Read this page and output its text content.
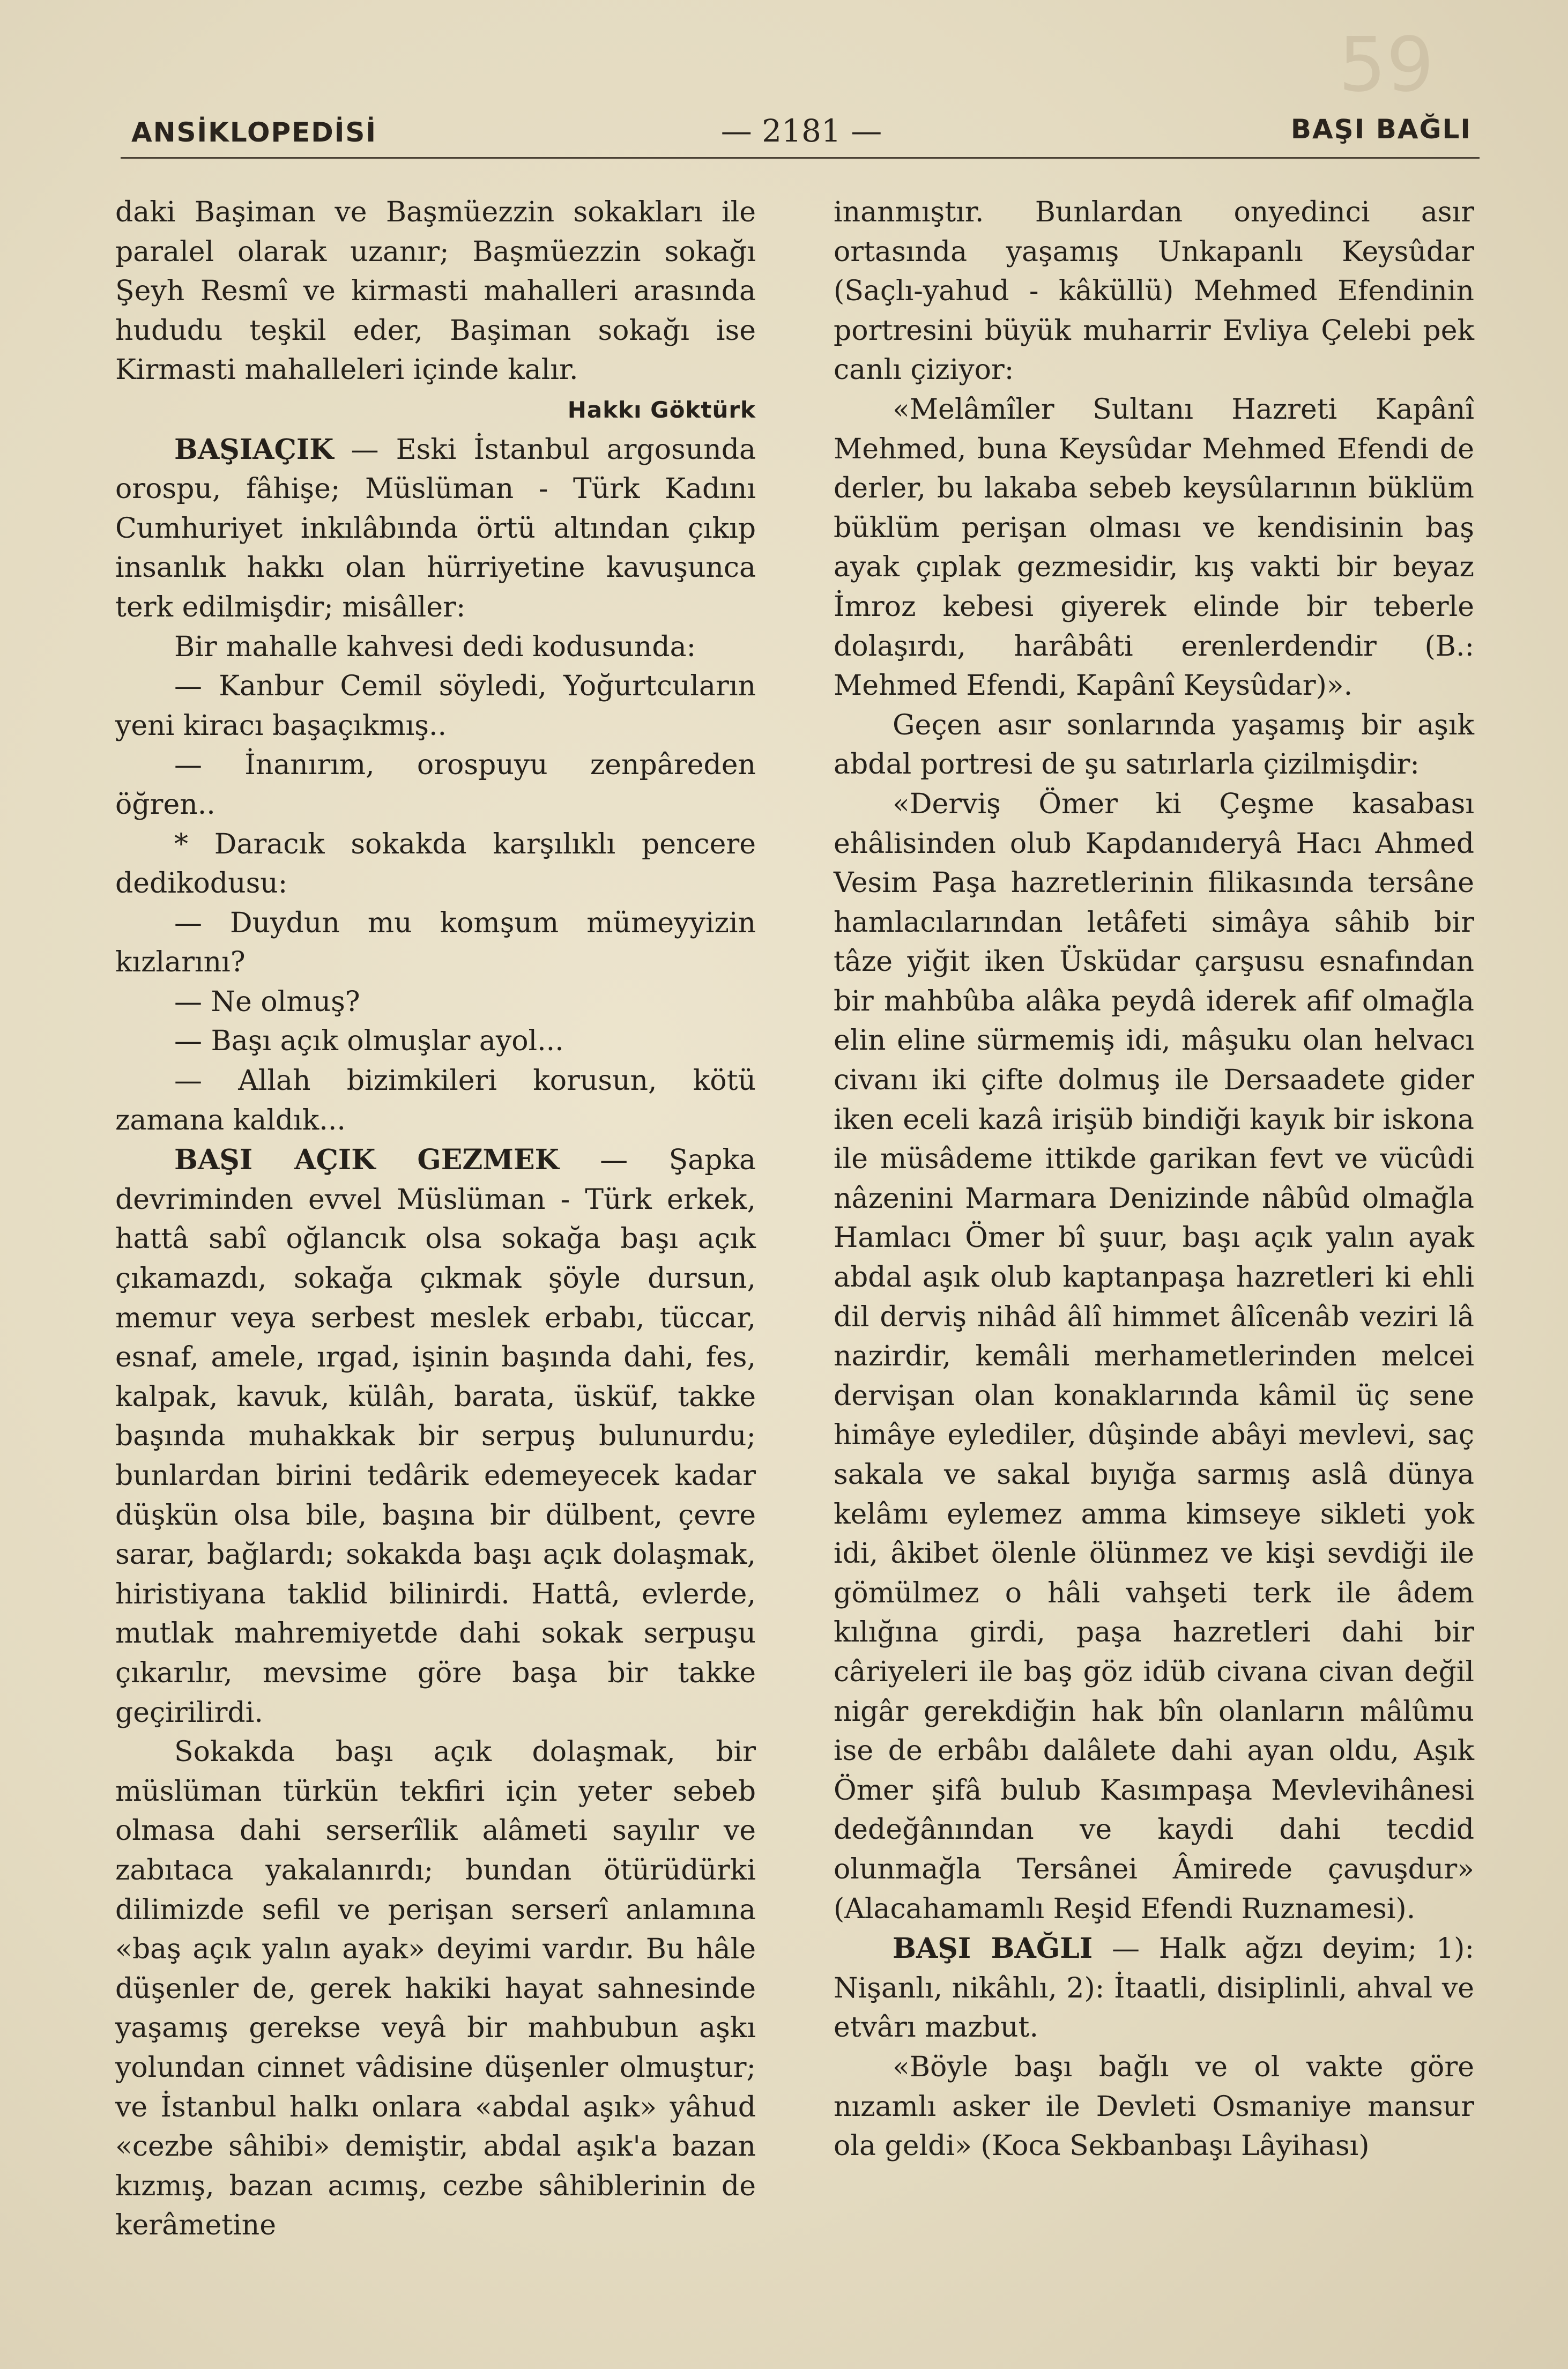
59
ANSİKLOPEDİSİ	— 2181 —	BAŞI BAĞLI

daki Başiman ve Başmüezzin sokakları ile paralel olarak uzanır; Başmüezzin sokağı Şeyh Resmî ve kirmasti mahalleri arasında hududu teşkil eder, Başiman sokağı ise Kirmasti mahalleleri içinde kalır.

Hakkı Göktürk

BAŞIAÇIK — Eski İstanbul argosunda orospu, fâhişe; Müslüman - Türk Kadını Cumhuriyet inkılâbında örtü altından çıkıp insanlık hakkı olan hürriyetine kavuşunca terk edilmişdir; misâller:

Bir mahalle kahvesi dedi kodusunda:

— Kanbur Cemil söyledi, Yoğurtcuların yeni kiracı başaçıkmış..

— İnanırım, orospuyu zenpâreden öğren..

* Daracık sokakda karşılıklı pencere dedikodusu:

— Duydun mu komşum mümeyyizin kızlarını?

— Ne olmuş?

— Başı açık olmuşlar ayol...

— Allah bizimkileri korusun, kötü zamana kaldık...

BAŞI AÇIK GEZMEK — Şapka devriminden evvel Müslüman - Türk erkek, hattâ sabî oğlancık olsa sokağa başı açık çıkamazdı, sokağa çıkmak şöyle dursun, memur veya serbest meslek erbabı, tüccar, esnaf, amele, ırgad, işinin başında dahi, fes, kalpak, kavuk, külâh, barata, üsküf, takke başında muhakkak bir serpuş bulunurdu; bunlardan birini tedârik edemeyecek kadar düşkün olsa bile, başına bir dülbent, çevre sarar, bağlardı; sokakda başı açık dolaşmak, hiristiyana taklid bilinirdi. Hattâ, evlerde, mutlak mahremiyetde dahi sokak serpuşu çıkarılır, mevsime göre başa bir takke geçirilirdi.

Sokakda başı açık dolaşmak, bir müslüman türkün tekfiri için yeter sebeb olmasa dahi serserîlik alâmeti sayılır ve zabıtaca yakalanırdı; bundan ötürüdürki dilimizde sefil ve perişan serserî anlamına «baş açık yalın ayak» deyimi vardır. Bu hâle düşenler de, gerek hakiki hayat sahnesinde yaşamış gerekse veyâ bir mahbubun aşkı yolundan cinnet vâdisine düşenler olmuştur; ve İstanbul halkı onlara «abdal aşık» yâhud «cezbe sâhibi» demiştir, abdal aşık'a bazan kızmış, bazan acımış, cezbe sâhiblerinin de kerâmetine

inanmıştır. Bunlardan onyedinci asır ortasında yaşamış Unkapanlı Keysûdar (Saçlı-yahud - kâküllü) Mehmed Efendinin portresini büyük muharrir Evliya Çelebi pek canlı çiziyor:

«Melâmîler Sultanı Hazreti Kapânî Mehmed, buna Keysûdar Mehmed Efendi de derler, bu lakaba sebeb keysûlarının büklüm büklüm perişan olması ve kendisinin baş ayak çıplak gezmesidir, kış vakti bir beyaz İmroz kebesi giyerek elinde bir teberle dolaşırdı, harâbâti erenlerdendir (B.: Mehmed Efendi, Kapânî Keysûdar)».

Geçen asır sonlarında yaşamış bir aşık abdal portresi de şu satırlarla çizilmişdir:

«Derviş Ömer ki Çeşme kasabası ehâlisinden olub Kapdanıderyâ Hacı Ahmed Vesim Paşa hazretlerinin filikasında tersâne hamlacılarından letâfeti simâya sâhib bir tâze yiğit iken Üsküdar çarşusu esnafından bir mahbûba alâka peydâ iderek afif olmağla elin eline sürmemiş idi, mâşuku olan helvacı civanı iki çifte dolmuş ile Dersaadete gider iken eceli kazâ irişüb bindiği kayık bir iskona ile müsâdeme ittikde garikan fevt ve vücûdi nâzenini Marmara Denizinde nâbûd olmağla Hamlacı Ömer bî şuur, başı açık yalın ayak abdal aşık olub kaptanpaşa hazretleri ki ehli dil derviş nihâd âlî himmet âlîcenâb veziri lâ nazirdir, kemâli merhametlerinden melcei dervişan olan konaklarında kâmil üç sene himâye eylediler, dûşinde abâyi mevlevi, saç sakala ve sakal bıyığa sarmış aslâ dünya kelâmı eylemez amma kimseye sikleti yok idi, âkibet ölenle ölünmez ve kişi sevdiği ile gömülmez o hâli vahşeti terk ile âdem kılığına girdi, paşa hazretleri dahi bir câriyeleri ile baş göz idüb civana civan değil nigâr gerekdiğin hak bîn olanların mâlûmu ise de erbâbı dalâlete dahi ayan oldu, Aşık Ömer şifâ bulub Kasımpaşa Mevlevihânesi dedeğânından ve kaydi dahi tecdid olunmağla Tersânei Âmirede çavuşdur» (Alacahamamlı Reşid Efendi Ruznamesi).

BAŞI BAĞLI — Halk ağzı deyim; 1): Nişanlı, nikâhlı, 2): İtaatli, disiplinli, ahval ve etvârı mazbut.

«Böyle başı bağlı ve ol vakte göre nızamlı asker ile Devleti Osmaniye mansur ola geldi» (Koca Sekbanbaşı Lâyihası)
